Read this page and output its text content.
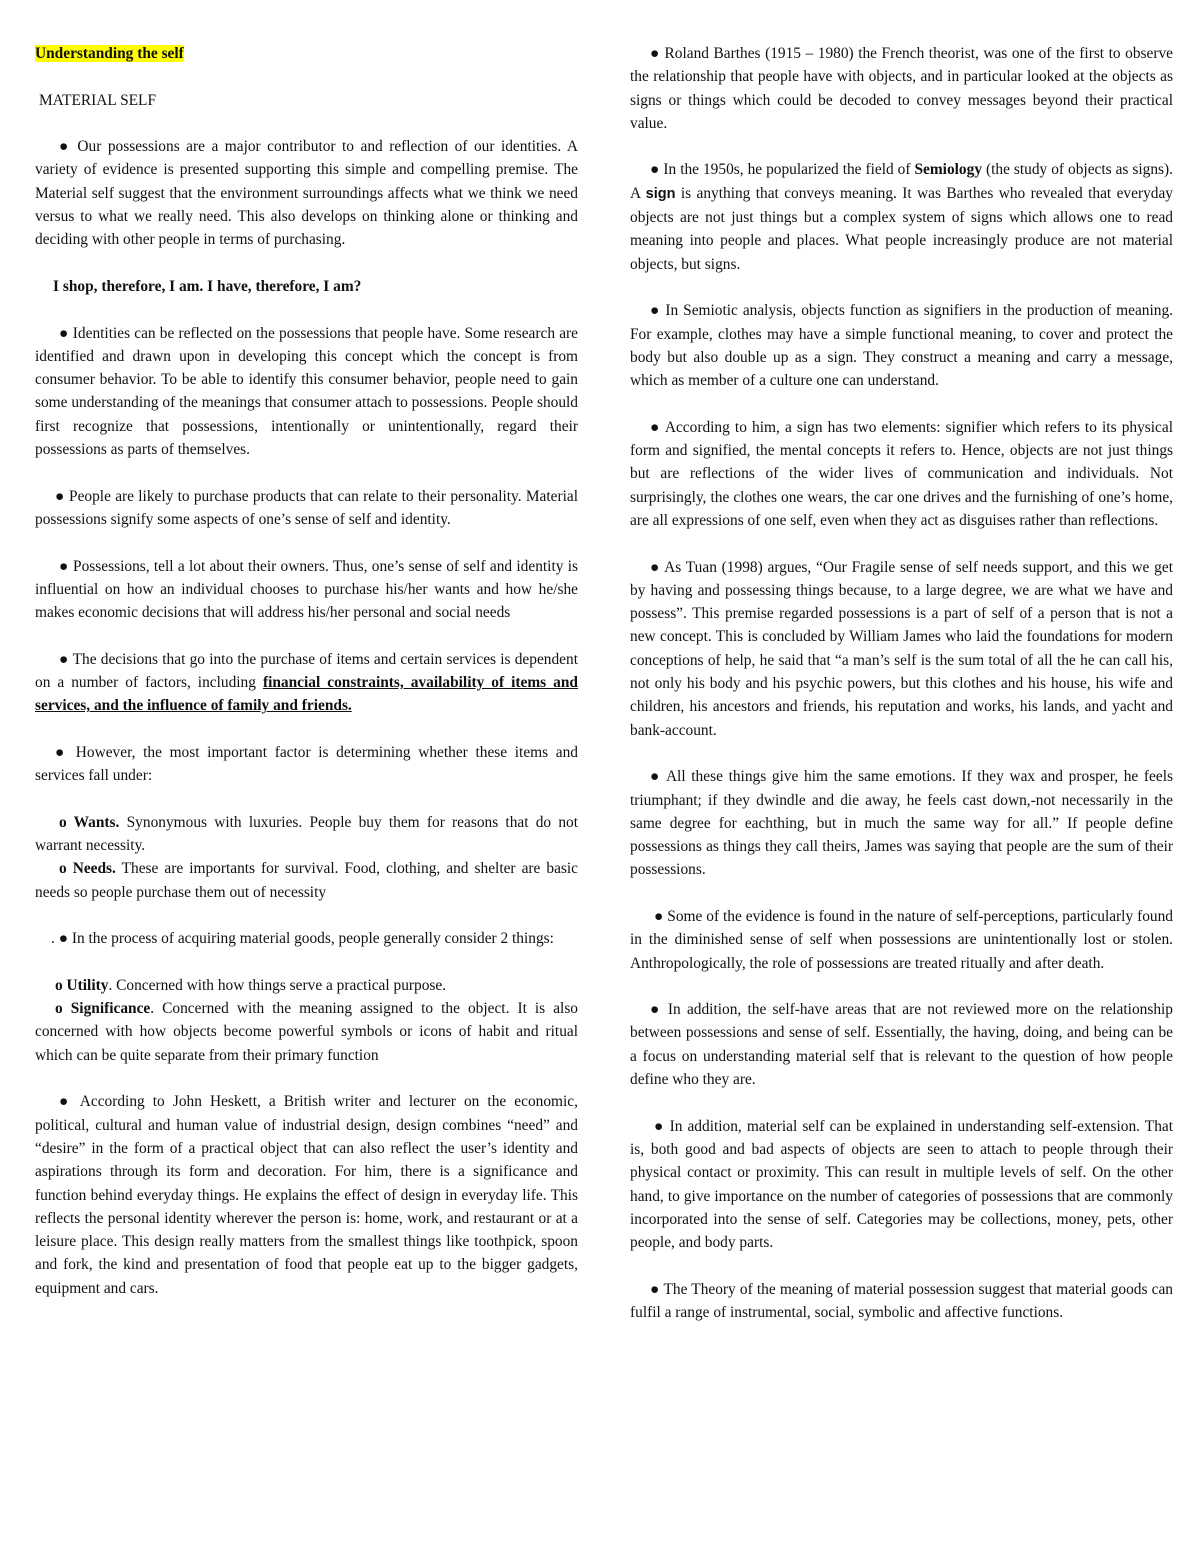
Understanding the self

MATERIAL SELF

● Our possessions are a major contributor to and reflection of our identities. A variety of evidence is presented supporting this simple and compelling premise. The Material self suggest that the environment surroundings affects what we think we need versus to what we really need. This also develops on thinking alone or thinking and deciding with other people in terms of purchasing.

I shop, therefore, I am. I have, therefore, I am?

● Identities can be reflected on the possessions that people have. Some research are identified and drawn upon in developing this concept which the concept is from consumer behavior. To be able to identify this consumer behavior, people need to gain some understanding of the meanings that consumer attach to possessions. People should first recognize that possessions, intentionally or unintentionally, regard their possessions as parts of themselves.

● People are likely to purchase products that can relate to their personality. Material possessions signify some aspects of one’s sense of self and identity.

● Possessions, tell a lot about their owners. Thus, one’s sense of self and identity is influential on how an individual chooses to purchase his/her wants and how he/she makes economic decisions that will address his/her personal and social needs

● The decisions that go into the purchase of items and certain services is dependent on a number of factors, including financial constraints, availability of items and services, and the influence of family and friends.

● However, the most important factor is determining whether these items and services fall under:

o Wants. Synonymous with luxuries. People buy them for reasons that do not warrant necessity.

o Needs. These are importants for survival. Food, clothing, and shelter are basic needs so people purchase them out of necessity

. ● In the process of acquiring material goods, people generally consider 2 things:

o Utility. Concerned with how things serve a practical purpose.

o Significance. Concerned with the meaning assigned to the object. It is also concerned with how objects become powerful symbols or icons of habit and ritual which can be quite separate from their primary function

● According to John Heskett, a British writer and lecturer on the economic, political, cultural and human value of industrial design, design combines “need” and “desire” in the form of a practical object that can also reflect the user’s identity and aspirations through its form and decoration. For him, there is a significance and function behind everyday things. He explains the effect of design in everyday life. This reflects the personal identity wherever the person is: home, work, and restaurant or at a leisure place. This design really matters from the smallest things like toothpick, spoon and fork, the kind and presentation of food that people eat up to the bigger gadgets, equipment and cars.

● Roland Barthes (1915 – 1980) the French theorist, was one of the first to observe the relationship that people have with objects, and in particular looked at the objects as signs or things which could be decoded to convey messages beyond their practical value.

● In the 1950s, he popularized the field of Semiology (the study of objects as signs). A sign is anything that conveys meaning. It was Barthes who revealed that everyday objects are not just things but a complex system of signs which allows one to read meaning into people and places. What people increasingly produce are not material objects, but signs.

● In Semiotic analysis, objects function as signifiers in the production of meaning. For example, clothes may have a simple functional meaning, to cover and protect the body but also double up as a sign. They construct a meaning and carry a message, which as member of a culture one can understand.

● According to him, a sign has two elements: signifier which refers to its physical form and signified, the mental concepts it refers to. Hence, objects are not just things but are reflections of the wider lives of communication and individuals. Not surprisingly, the clothes one wears, the car one drives and the furnishing of one’s home, are all expressions of one self, even when they act as disguises rather than reflections.

● As Tuan (1998) argues, “Our Fragile sense of self needs support, and this we get by having and possessing things because, to a large degree, we are what we have and possess”. This premise regarded possessions is a part of self of a person that is not a new concept. This is concluded by William James who laid the foundations for modern conceptions of help, he said that “a man’s self is the sum total of all the he can call his, not only his body and his psychic powers, but this clothes and his house, his wife and children, his ancestors and friends, his reputation and works, his lands, and yacht and bank-account.

● All these things give him the same emotions. If they wax and prosper, he feels triumphant; if they dwindle and die away, he feels cast down,-not necessarily in the same degree for eachthing, but in much the same way for all.” If people define possessions as things they call theirs, James was saying that people are the sum of their possessions.

● Some of the evidence is found in the nature of self-perceptions, particularly found in the diminished sense of self when possessions are unintentionally lost or stolen. Anthropologically, the role of possessions are treated ritually and after death.

● In addition, the self-have areas that are not reviewed more on the relationship between possessions and sense of self. Essentially, the having, doing, and being can be a focus on understanding material self that is relevant to the question of how people define who they are.

● In addition, material self can be explained in understanding self-extension. That is, both good and bad aspects of objects are seen to attach to people through their physical contact or proximity. This can result in multiple levels of self. On the other hand, to give importance on the number of categories of possessions that are commonly incorporated into the sense of self. Categories may be collections, money, pets, other people, and body parts.

● The Theory of the meaning of material possession suggest that material goods can fulfil a range of instrumental, social, symbolic and affective functions.
